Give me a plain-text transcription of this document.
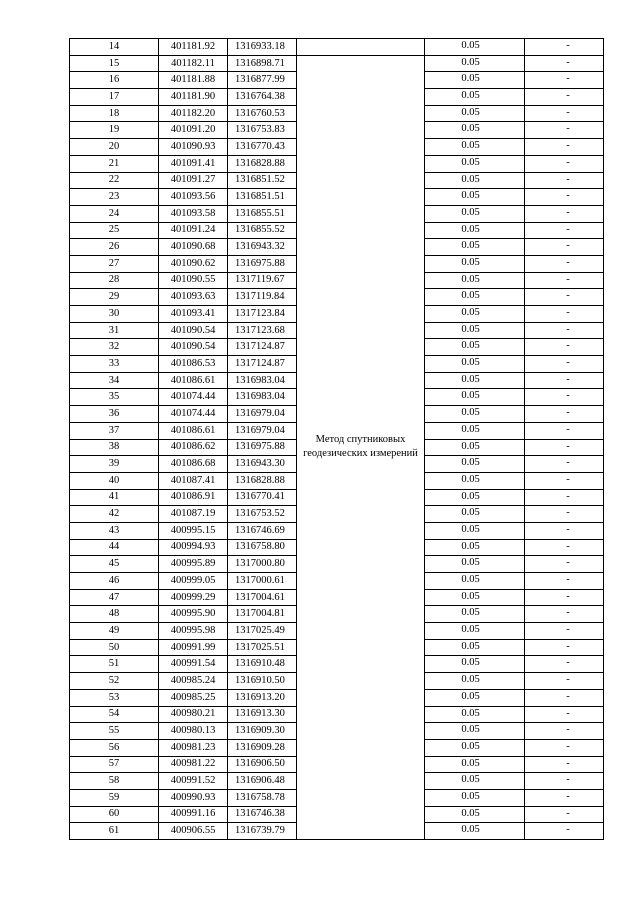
14	401181.92	1316933.18		0.05	-
15	401182.11	1316898.71	Метод спутниковых геодезических измерений	0.05	-
16	401181.88	1316877.99		0.05	-
17	401181.90	1316764.38		0.05	-
18	401182.20	1316760.53		0.05	-
19	401091.20	1316753.83		0.05	-
20	401090.93	1316770.43		0.05	-
21	401091.41	1316828.88		0.05	-
22	401091.27	1316851.52		0.05	-
23	401093.56	1316851.51		0.05	-
24	401093.58	1316855.51		0.05	-
25	401091.24	1316855.52		0.05	-
26	401090.68	1316943.32		0.05	-
27	401090.62	1316975.88		0.05	-
28	401090.55	1317119.67		0.05	-
29	401093.63	1317119.84		0.05	-
30	401093.41	1317123.84		0.05	-
31	401090.54	1317123.68		0.05	-
32	401090.54	1317124.87		0.05	-
33	401086.53	1317124.87		0.05	-
34	401086.61	1316983.04		0.05	-
35	401074.44	1316983.04		0.05	-
36	401074.44	1316979.04		0.05	-
37	401086.61	1316979.04		0.05	-
38	401086.62	1316975.88		0.05	-
39	401086.68	1316943.30		0.05	-
40	401087.41	1316828.88		0.05	-
41	401086.91	1316770.41		0.05	-
42	401087.19	1316753.52		0.05	-
43	400995.15	1316746.69		0.05	-
44	400994.93	1316758.80		0.05	-
45	400995.89	1317000.80		0.05	-
46	400999.05	1317000.61		0.05	-
47	400999.29	1317004.61		0.05	-
48	400995.90	1317004.81		0.05	-
49	400995.98	1317025.49		0.05	-
50	400991.99	1317025.51		0.05	-
51	400991.54	1316910.48		0.05	-
52	400985.24	1316910.50		0.05	-
53	400985.25	1316913.20		0.05	-
54	400980.21	1316913.30		0.05	-
55	400980.13	1316909.30		0.05	-
56	400981.23	1316909.28		0.05	-
57	400981.22	1316906.50		0.05	-
58	400991.52	1316906.48		0.05	-
59	400990.93	1316758.78		0.05	-
60	400991.16	1316746.38		0.05	-
61	400906.55	1316739.79		0.05	-
